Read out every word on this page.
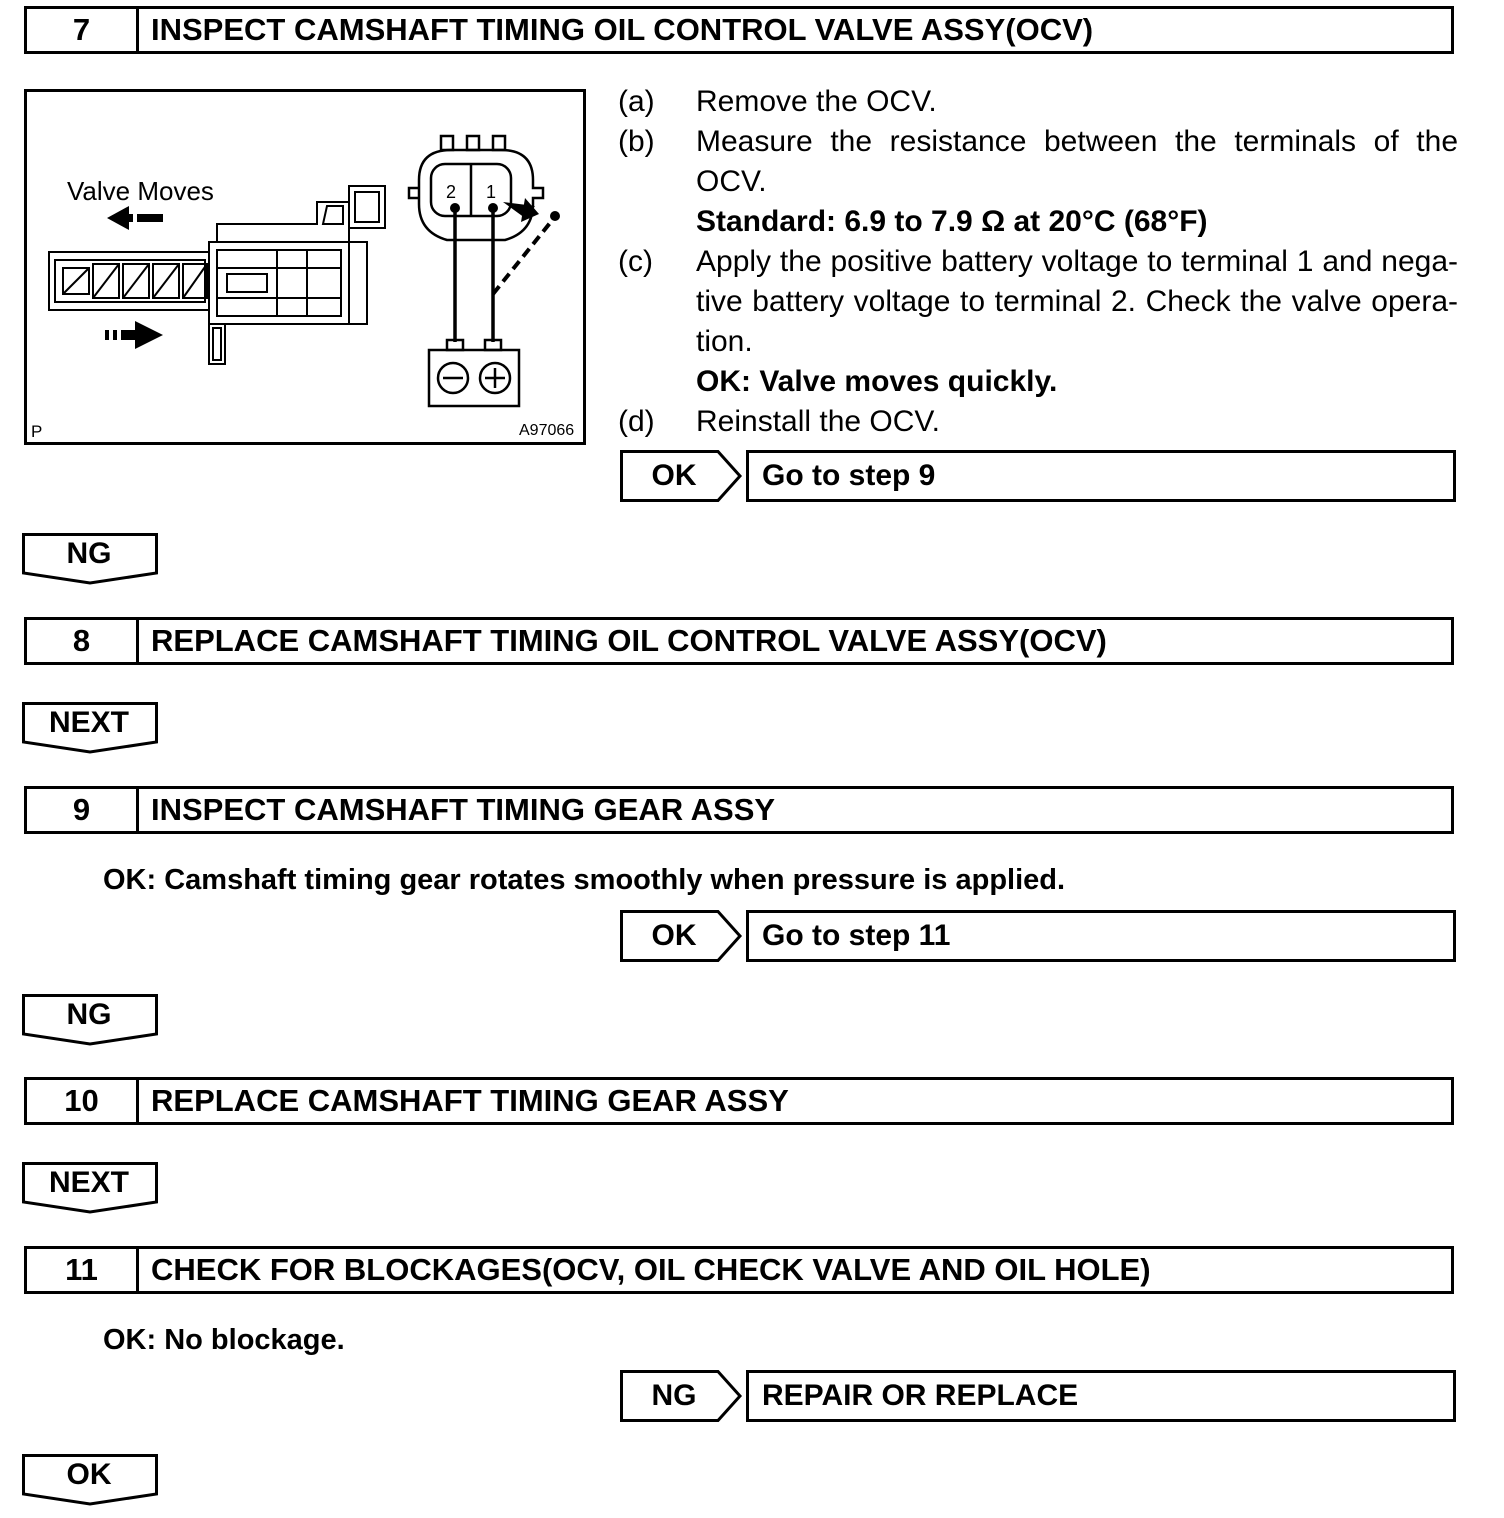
7	INSPECT CAMSHAFT TIMING OIL CONTROL VALVE ASSY(OCV)
Valve Moves	2 1
P	A97066
(a) Remove the OCV.
(b) Measure the resistance between the terminals of the
OCV.
Standard: 6.9 to 7.9 Ω at 20°C (68°F)
(c) Apply the positive battery voltage to terminal 1 and nega-
tive battery voltage to terminal 2. Check the valve opera-
tion.
OK: Valve moves quickly.
(d) Reinstall the OCV.
OK	Go to step 9
NG
8	REPLACE CAMSHAFT TIMING OIL CONTROL VALVE ASSY(OCV)
NEXT
9	INSPECT CAMSHAFT TIMING GEAR ASSY
OK: Camshaft timing gear rotates smoothly when pressure is applied.
OK	Go to step 11
NG
10	REPLACE CAMSHAFT TIMING GEAR ASSY
NEXT
11	CHECK FOR BLOCKAGES(OCV, OIL CHECK VALVE AND OIL HOLE)
OK: No blockage.
NG	REPAIR OR REPLACE
OK
